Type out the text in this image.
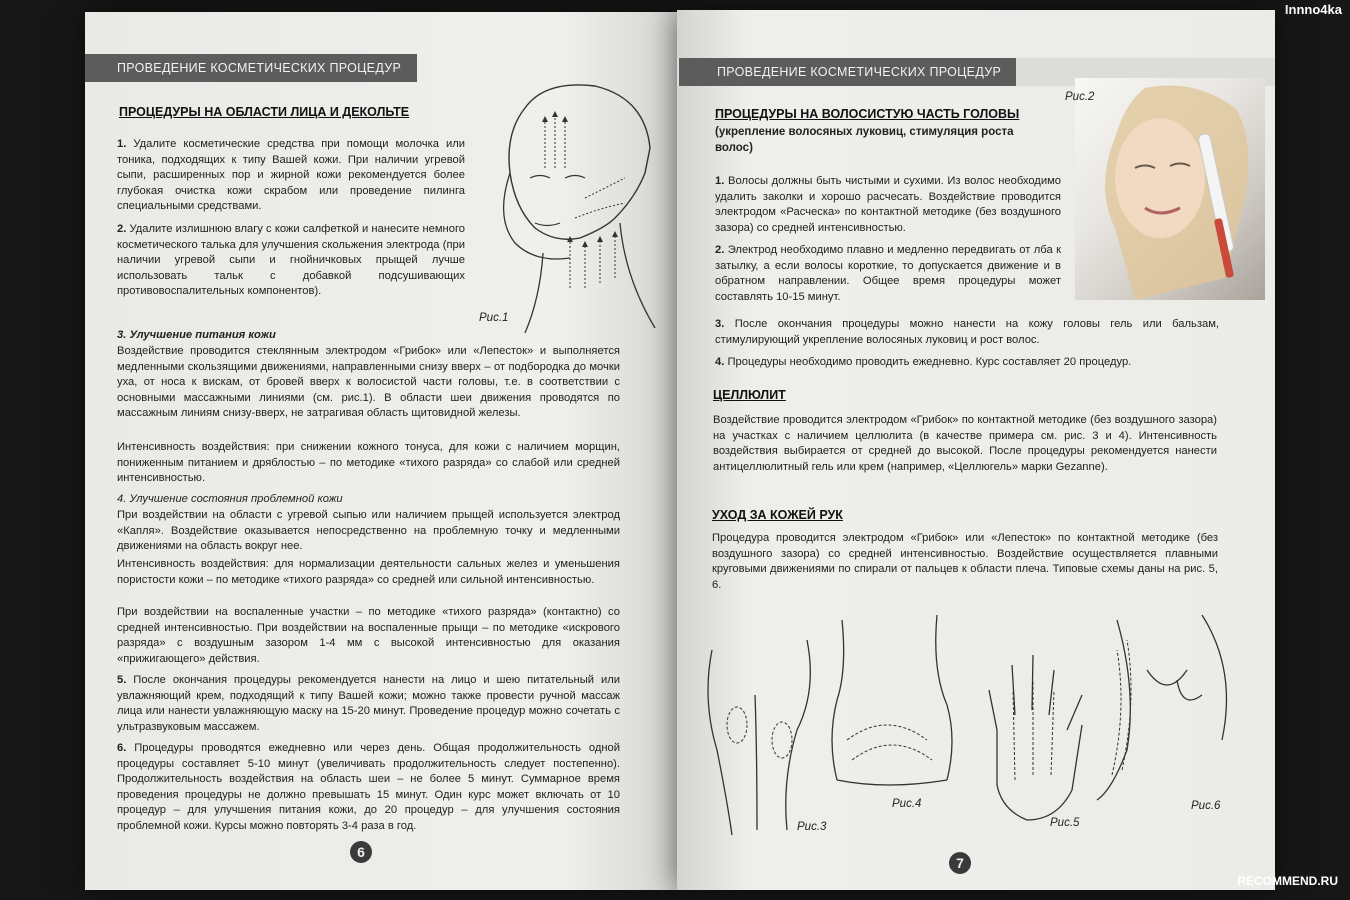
Innno4ka
ПРОВЕДЕНИЕ КОСМЕТИЧЕСКИХ ПРОЦЕДУР
ПРОЦЕДУРЫ НА ОБЛАСТИ ЛИЦА И ДЕКОЛЬТЕ
1. Удалите косметические средства при помощи молочка или тоника, подходящих к типу Вашей кожи. При наличии угревой сыпи, расширенных пор и жирной кожи рекомендуется более глубокая очистка кожи скрабом или проведение пилинга специальными средствами.
2. Удалите излишнюю влагу с кожи салфеткой и нанесите немного косметического талька для улучшения скольжения электрода (при наличии угревой сыпи и гнойничковых прыщей лучше использовать тальк с добавкой подсушивающих противовоспалительных компонентов).
Рис.1
3. Улучшение питания кожи
Воздействие проводится стеклянным электродом «Грибок» или «Лепесток» и выполняется медленными скользящими движениями, направленными снизу вверх – от подбородка до мочки уха, от носа к вискам, от бровей вверх к волосистой части головы, т.е. в соответствии с основными массажными линиями (см. рис.1). В области шеи движения проводятся по массажным линиям снизу-вверх, не затрагивая область щитовидной железы.
Интенсивность воздействия: при снижении кожного тонуса, для кожи с наличием морщин, пониженным питанием и дряблостью – по методике «тихого разряда» со слабой или средней интенсивностью.
4. Улучшение состояния проблемной кожи
При воздействии на области с угревой сыпью или наличием прыщей используется электрод «Капля». Воздействие оказывается непосредственно на проблемную точку и медленными движениями на область вокруг нее.
Интенсивность воздействия: для нормализации деятельности сальных желез и уменьшения пористости кожи – по методике «тихого разряда» со средней или сильной интенсивностью.
При воздействии на воспаленные участки – по методике «тихого разряда» (контактно) со средней интенсивностью. При воздействии на воспаленные прыщи – по методике «искрового разряда» с воздушным зазором 1-4 мм с высокой интенсивностью для оказания «прижигающего» действия.
5. После окончания процедуры рекомендуется нанести на лицо и шею питательный или увлажняющий крем, подходящий к типу Вашей кожи; можно также провести ручной массаж лица или нанести увлажняющую маску на 15-20 минут. Проведение процедур можно сочетать с ультразвуковым массажем.
6. Процедуры проводятся ежедневно или через день. Общая продолжительность одной процедуры составляет 5-10 минут (увеличивать продолжительность следует постепенно). Продолжительность воздействия на область шеи – не более 5 минут. Суммарное время проведения процедуры не должно превышать 15 минут. Один курс может включать от 10 процедур – для улучшения питания кожи, до 20 процедур – для улучшения состояния проблемной кожи. Курсы можно повторять 3-4 раза в год.
6
ПРОВЕДЕНИЕ КОСМЕТИЧЕСКИХ ПРОЦЕДУР
ПРОЦЕДУРЫ НА ВОЛОСИСТУЮ ЧАСТЬ ГОЛОВЫ
(укрепление волосяных луковиц, стимуляция роста волос)
Рис.2
1. Волосы должны быть чистыми и сухими. Из волос необходимо удалить заколки и хорошо расчесать. Воздействие проводится электродом «Расческа» по контактной методике (без воздушного зазора) со средней интенсивностью.
2. Электрод необходимо плавно и медленно передвигать от лба к затылку, а если волосы короткие, то допускается движение и в обратном направлении. Общее время процедуры может составлять 10-15 минут.
3. После окончания процедуры можно нанести на кожу головы гель или бальзам, стимулирующий укрепление волосяных луковиц и рост волос.
4. Процедуры необходимо проводить ежедневно. Курс составляет 20 процедур.
ЦЕЛЛЮЛИТ
Воздействие проводится электродом «Грибок» по контактной методике (без воздушного зазора) на участках с наличием целлюлита (в качестве примера см. рис. 3 и 4). Интенсивность воздействия выбирается от средней до высокой. После процедуры рекомендуется нанести антицеллюлитный гель или крем (например, «Целлюгель» марки Gezanne).
УХОД ЗА КОЖЕЙ РУК
Процедура проводится электродом «Грибок» или «Лепесток» по контактной методике (без воздушного зазора) со средней интенсивностью. Воздействие осуществляется плавными круговыми движениями по спирали от пальцев к области плеча. Типовые схемы даны на рис. 5, 6.
Рис.3
Рис.4
Рис.5
Рис.6
7
RECOMMEND.RU
